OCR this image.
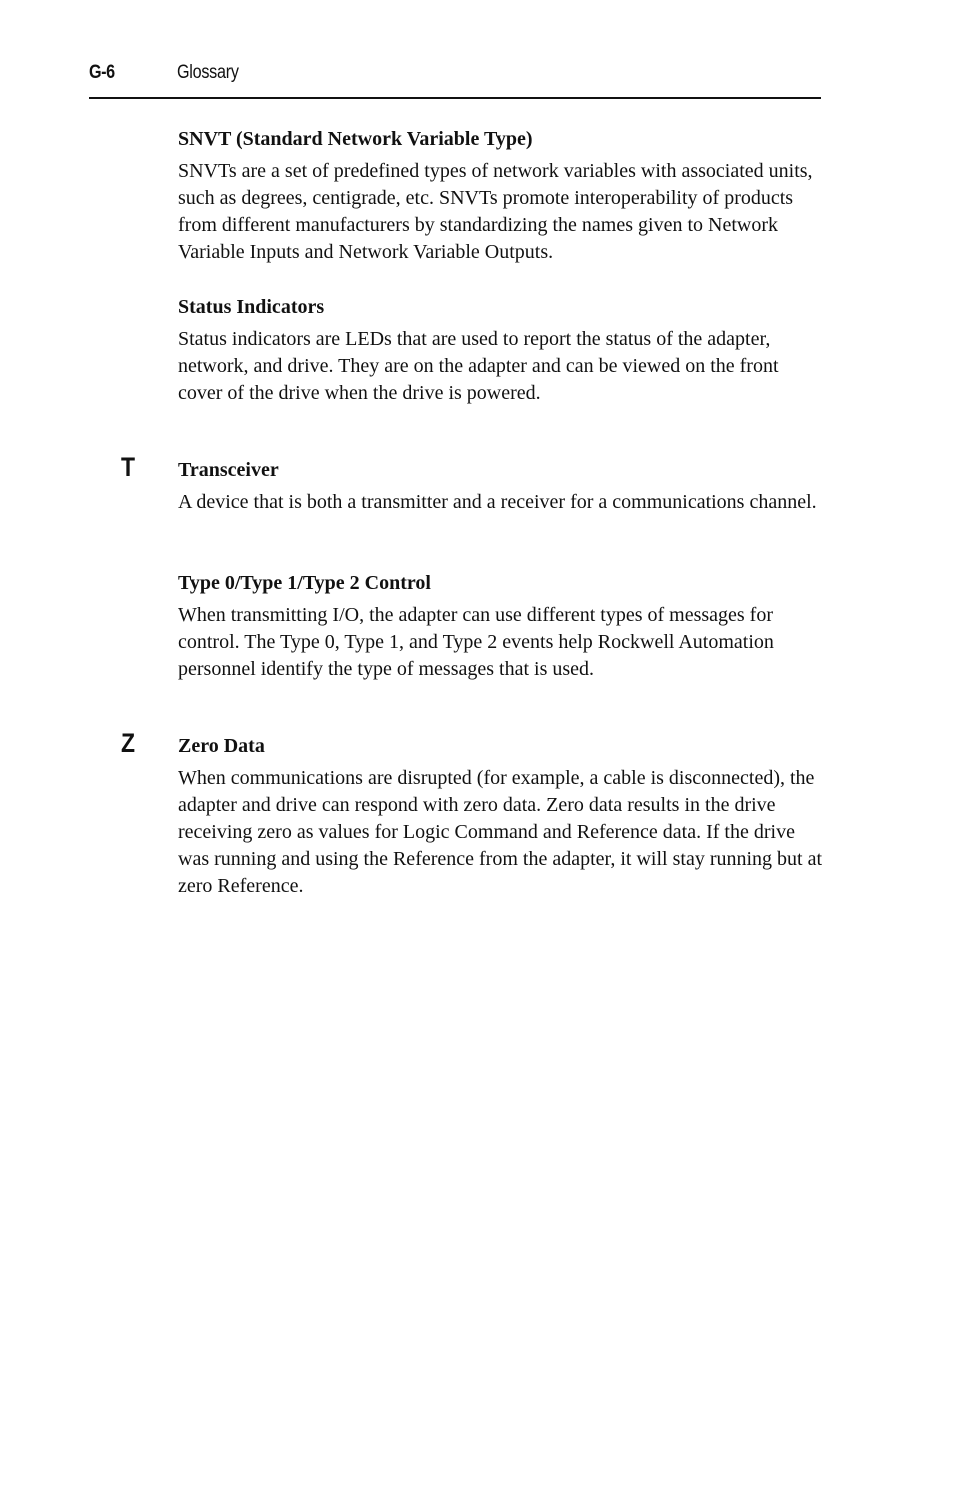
G-6	Glossary

SNVT (Standard Network Variable Type)

SNVTs are a set of predefined types of network variables with associated units, such as degrees, centigrade, etc. SNVTs promote interoperability of products from different manufacturers by standardizing the names given to Network Variable Inputs and Network Variable Outputs.

Status Indicators

Status indicators are LEDs that are used to report the status of the adapter, network, and drive. They are on the adapter and can be viewed on the front cover of the drive when the drive is powered.

T Transceiver

A device that is both a transmitter and a receiver for a communications channel.

Type 0/Type 1/Type 2 Control

When transmitting I/O, the adapter can use different types of messages for control. The Type 0, Type 1, and Type 2 events help Rockwell Automation personnel identify the type of messages that is used.

Z Zero Data

When communications are disrupted (for example, a cable is disconnected), the adapter and drive can respond with zero data. Zero data results in the drive receiving zero as values for Logic Command and Reference data. If the drive was running and using the Reference from the adapter, it will stay running but at zero Reference.
